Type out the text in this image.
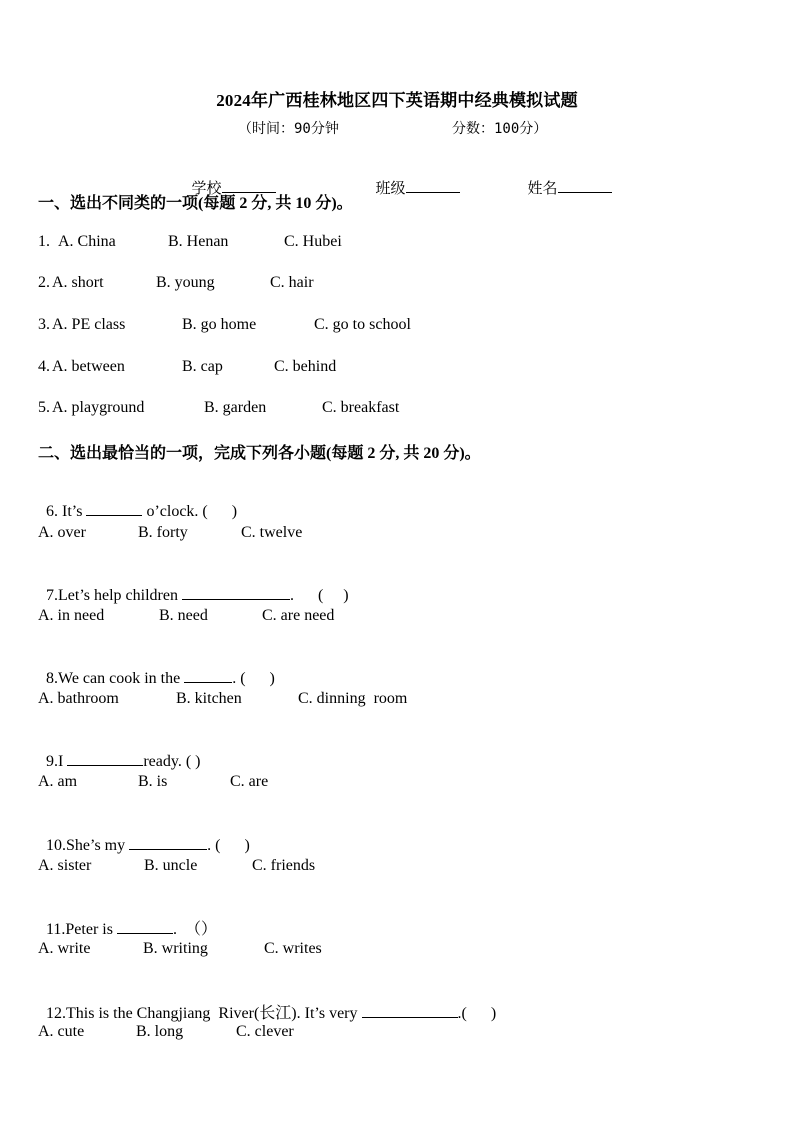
2024年广西桂林地区四下英语期中经典模拟试题
（时间：90分钟	分数：100分）

学校	班级	姓名

一、选出不同类的一项(每题 2 分, 共 10 分)。

1.

A. China

	B. Henan

	C. Hubei

2.

A. short

	B. young

	C. hair

3.

A. PE class

	B. go home

	C. go to school

4.

A. between

	B. cap

	C. behind

5.

A. playground

	B. garden

	C. breakfast

二、选出最恰当的一项，完成下列各小题(每题 2 分, 共 20 分)。

6. It’s	o’clock. (      )

A. over

	B. forty

	C. twelve

7.Let’s help children	.      (     )

A. in need

	B. need

	C. are need

8.We can cook in the	. (      )

A. bathroom

	B. kitchen

	C. dinning  room

9.I	ready. ( )

A. am

	B. is

	C. are

10.She’s my	. (      )

A. sister

	B. uncle

	C. friends

11.Peter is	.  （）

A. write

	B. writing

	C. writes

12.This is the Changjiang  River(长江). It’s very	.(      )

A. cute

	B. long

	C. clever
